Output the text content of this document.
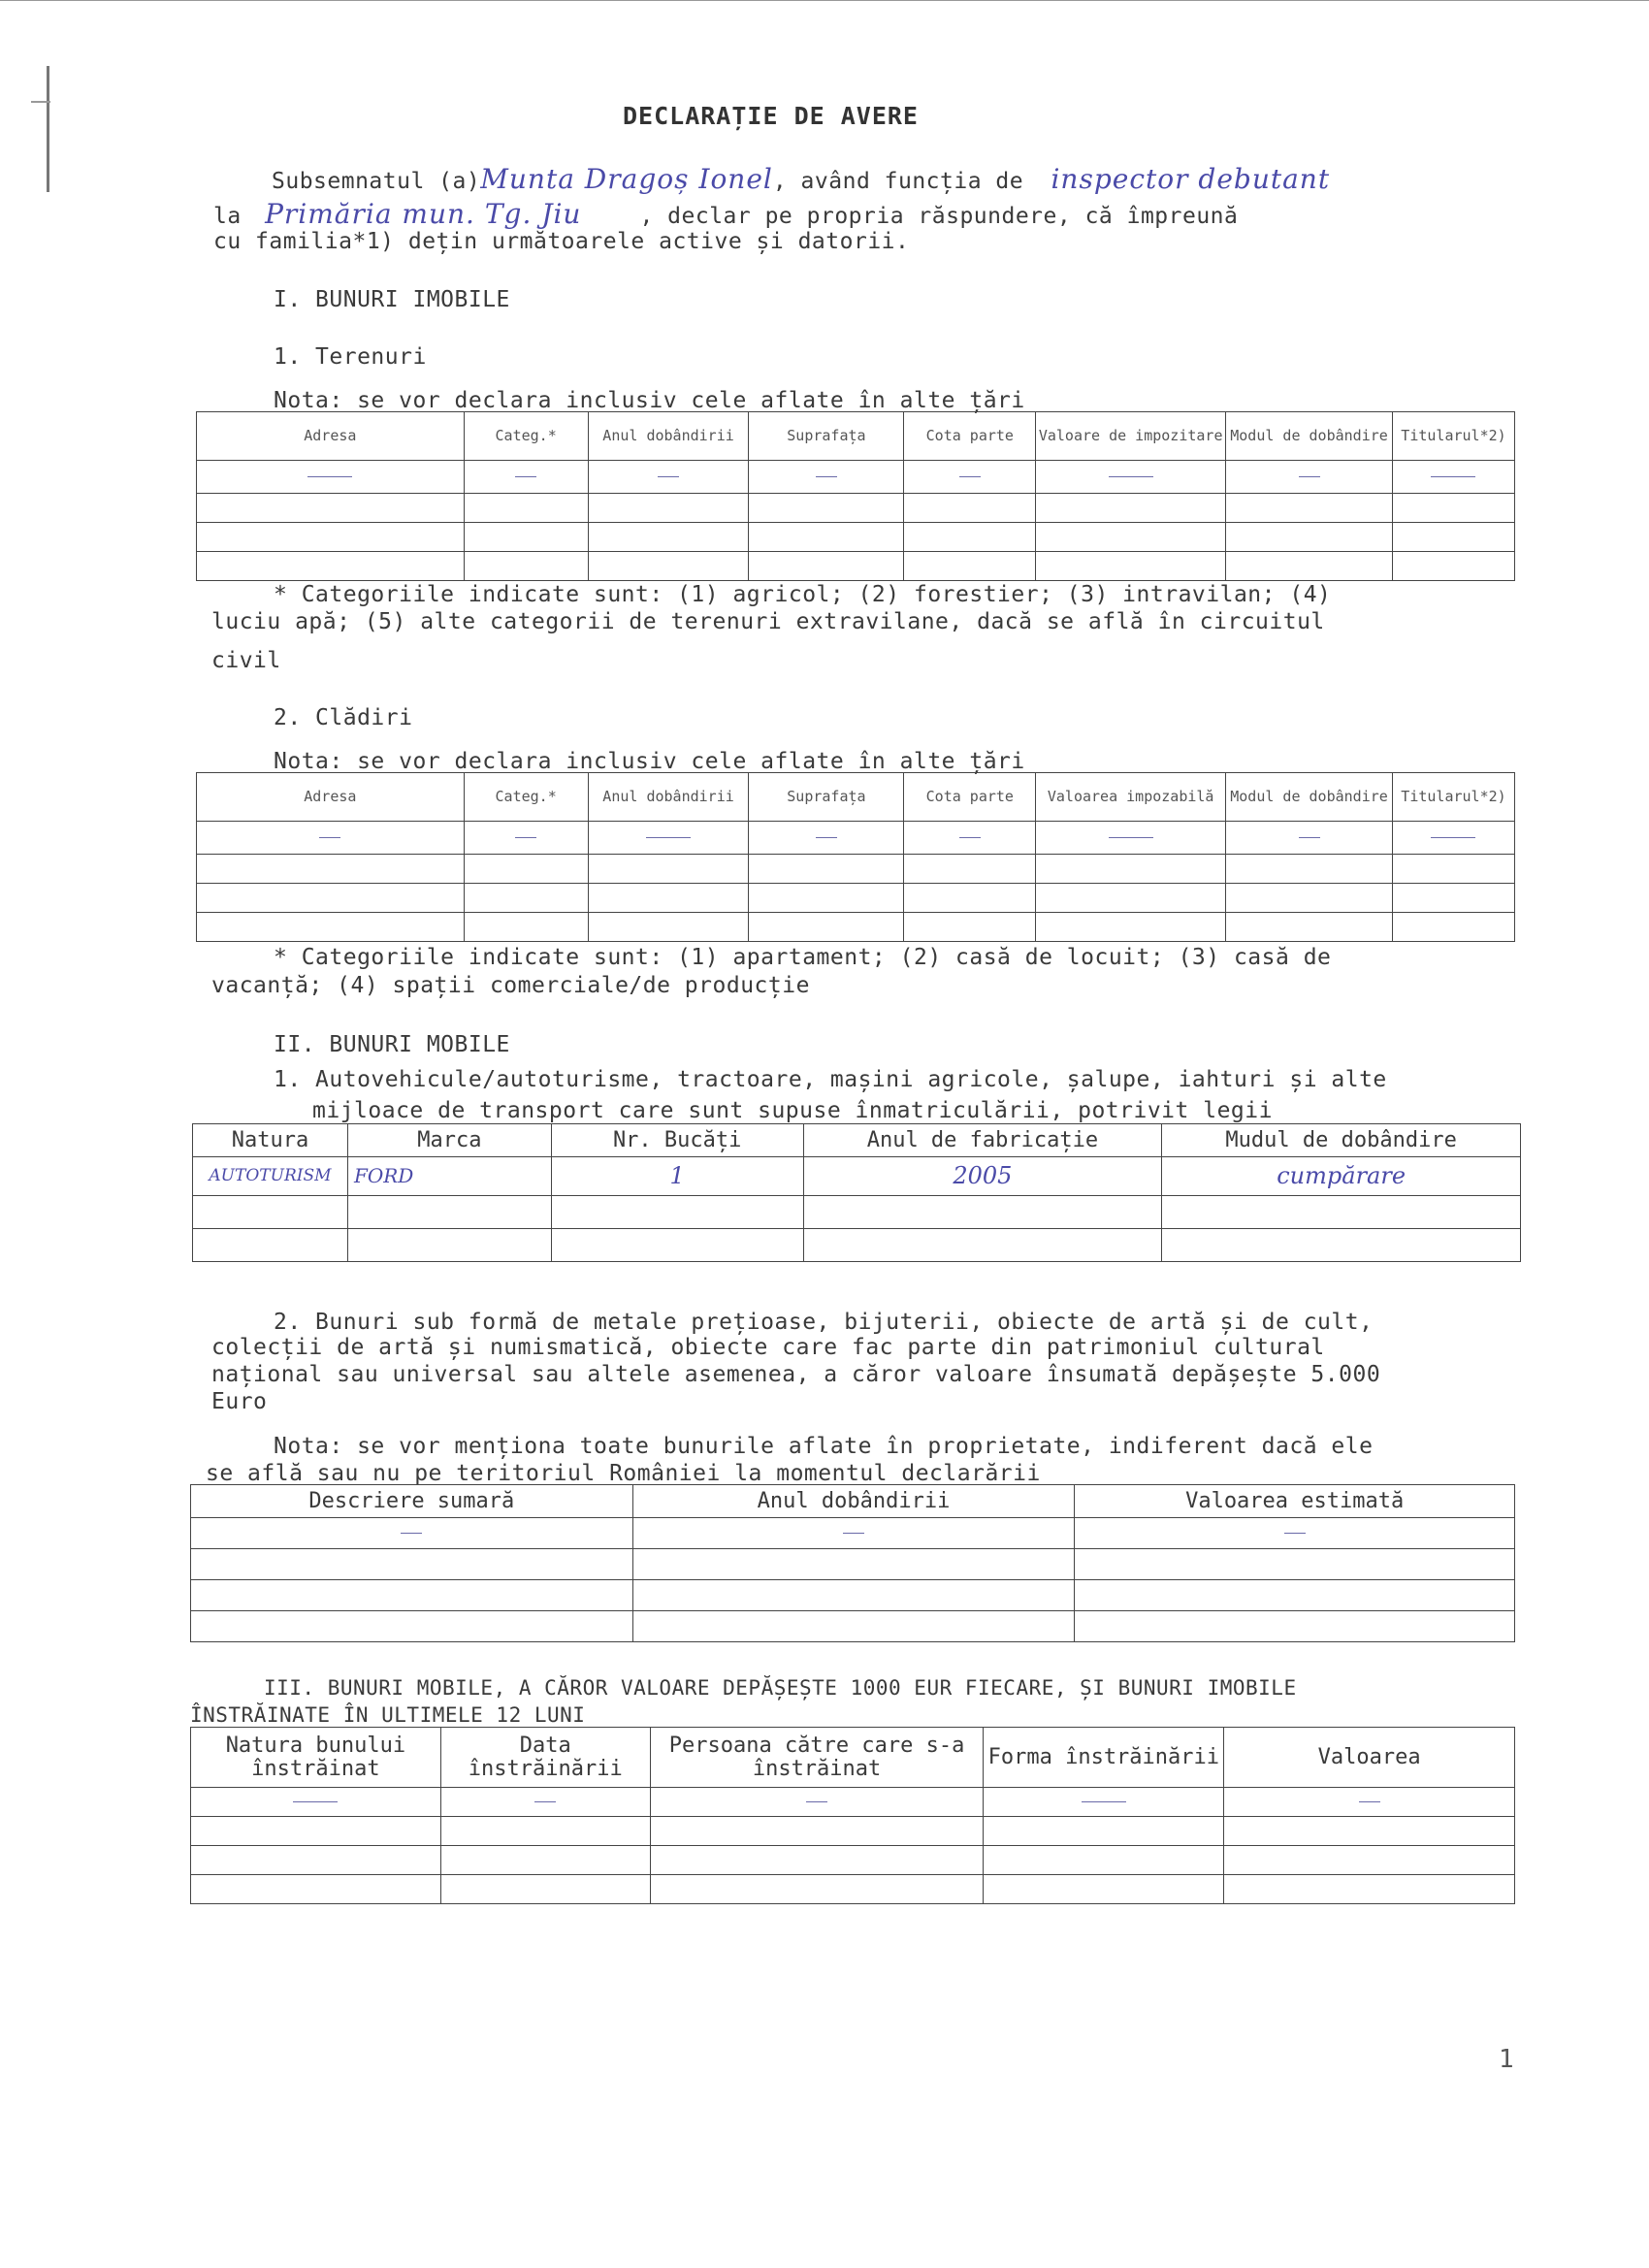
DECLARAȚIE DE AVERE
Subsemnatul (a)Munta Dragoș Ionel, având funcția de inspector debutant
la Primăria mun. Tg. Jiu	, declar pe propria răspundere, că împreună
cu familia*1) dețin următoarele active și datorii.
I. BUNURI IMOBILE
1. Terenuri
Nota: se vor declara inclusiv cele aflate în alte țări
Adresa	Categ.*	Anul dobândirii	Suprafața	Cota parte	Valoare de impozitare	Modul de dobândire	Titularul*2)

* Categoriile indicate sunt: (1) agricol; (2) forestier; (3) intravilan; (4)
luciu apă; (5) alte categorii de terenuri extravilane, dacă se află în circuitul
civil
2. Clădiri
Nota: se vor declara inclusiv cele aflate în alte țări
Adresa	Categ.*	Anul dobândirii	Suprafața	Cota parte	Valoarea impozabilă	Modul de dobândire	Titularul*2)

* Categoriile indicate sunt: (1) apartament; (2) casă de locuit; (3) casă de
vacanță; (4) spații comerciale/de producție
II. BUNURI MOBILE
1. Autovehicule/autoturisme, tractoare, mașini agricole, șalupe, iahturi și alte
mijloace de transport care sunt supuse înmatriculării, potrivit legii
Natura	Marca	Nr. Bucăți	Anul de fabricație	Mudul de dobândire
AUTOTURISM	FORD	1	2005	cumpărare

2. Bunuri sub formă de metale prețioase, bijuterii, obiecte de artă și de cult,
colecții de artă și numismatică, obiecte care fac parte din patrimoniul cultural
național sau universal sau altele asemenea, a căror valoare însumată depășește 5.000
Euro
Nota: se vor menționa toate bunurile aflate în proprietate, indiferent dacă ele
se află sau nu pe teritoriul României la momentul declarării
Descriere sumară	Anul dobândirii	Valoarea estimată

III. BUNURI MOBILE, A CĂROR VALOARE DEPĂȘEȘTE 1000 EUR FIECARE, ȘI BUNURI IMOBILE
ÎNSTRĂINATE ÎN ULTIMELE 12 LUNI
Natura bunului înstrăinat	Data înstrăinării	Persoana către care s-a înstrăinat	Forma înstrăinării	Valoarea

1
